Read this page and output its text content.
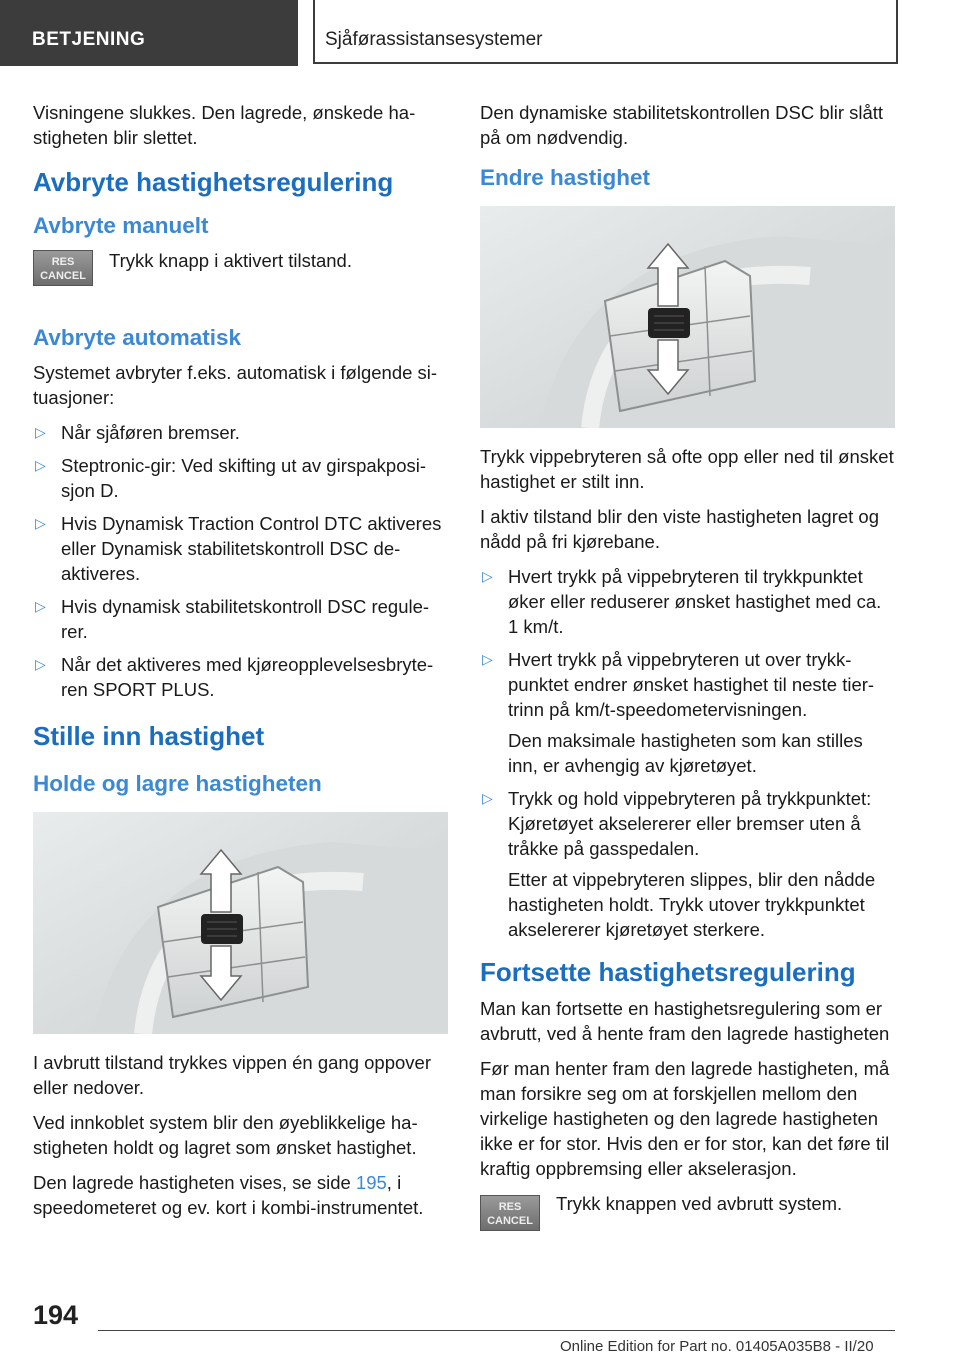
BETJENING	Sjåførassistansesystemer

Visningene slukkes. Den lagrede, ønskede hastigheten blir slettet.

Avbryte hastighetsregulering
Avbryte manuelt
RES
CANCEL
Trykk knapp i aktivert tilstand.
Avbryte automatisk

Systemet avbryter f.eks. automatisk i følgende situasjoner:

▷ Når sjåføren bremser.
▷ Steptronic-gir: Ved skifting ut av girspakposisjon D.
▷ Hvis Dynamisk Traction Control DTC aktiveres eller Dynamisk stabilitetskontroll DSC deaktiveres.
▷ Hvis dynamisk stabilitetskontroll DSC regulerer.
▷ Når det aktiveres med kjøreopplevelsesbryteren SPORT PLUS.
Stille inn hastighet
Holde og lagre hastigheten

I avbrutt tilstand trykkes vippen én gang oppover eller nedover.

Ved innkoblet system blir den øyeblikkelige hastigheten holdt og lagret som ønsket hastighet.

Den lagrede hastigheten vises, se side 195, i speedometeret og ev. kort i kombi-instrumentet.

Den dynamiske stabilitetskontrollen DSC blir slått på om nødvendig.

Endre hastighet

Trykk vippebryteren så ofte opp eller ned til ønsket hastighet er stilt inn.

I aktiv tilstand blir den viste hastigheten lagret og nådd på fri kjørebane.

▷ Hvert trykk på vippebryteren til trykkpunktet øker eller reduserer ønsket hastighet med ca. 1 km/t.
▷ Hvert trykk på vippebryteren ut over trykkpunktet endrer ønsket hastighet til neste tiertrinn på km/t-speedometervisningen.
Den maksimale hastigheten som kan stilles inn, er avhengig av kjøretøyet.
▷ Trykk og hold vippebryteren på trykkpunktet: Kjøretøyet akselererer eller bremser uten å tråkke på gasspedalen.
Etter at vippebryteren slippes, blir den nådde hastigheten holdt. Trykk utover trykkpunktet akselererer kjøretøyet sterkere.
Fortsette hastighetsregulering

Man kan fortsette en hastighetsregulering som er avbrutt, ved å hente fram den lagrede hastigheten

Før man henter fram den lagrede hastigheten, må man forsikre seg om at forskjellen mellom den virkelige hastigheten og den lagrede hastigheten ikke er for stor. Hvis den er for stor, kan det føre til kraftig oppbremsing eller akselerasjon.

RES
CANCEL
Trykk knappen ved avbrutt system.
194
Online Edition for Part no. 01405A035B8 - II/20
